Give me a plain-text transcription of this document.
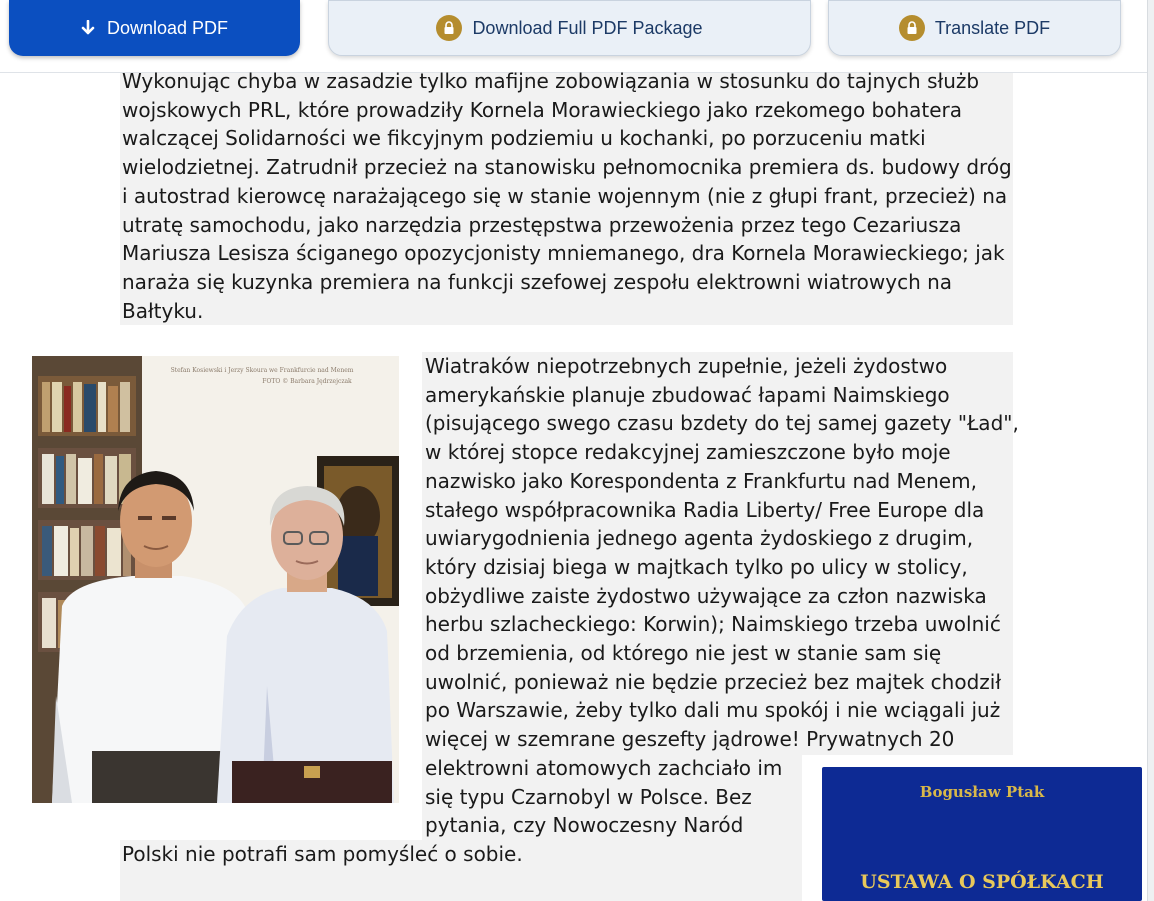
Download PDF	Download Full PDF Package	Translate PDF
Wykonując chyba w zasadzie tylko mafijne zobowiązania w stosunku do tajnych służb
wojskowych PRL, które prowadziły Kornela Morawieckiego jako rzekomego bohatera
walczącej Solidarności we fikcyjnym podziemiu u kochanki, po porzuceniu matki
wielodzietnej. Zatrudnił przecież na stanowisku pełnomocnika premiera ds. budowy dróg
i autostrad kierowcę narażającego się w stanie wojennym (nie z głupi frant, przecież) na
utratę samochodu, jako narzędzia przestępstwa przewożenia przez tego Cezariusza
Mariusza Lesisza ściganego opozycjonisty mniemanego, dra Kornela Morawieckiego; jak
naraża się kuzynka premiera na funkcji szefowej zespołu elektrowni wiatrowych na
Bałtyku.
Stefan Kosiewski i Jerzy Skoura we Frankfurcie nad Menem
FOTO © Barbara Jędrzejczak
Wiatraków niepotrzebnych zupełnie, jeżeli żydostwo
amerykańskie planuje zbudować łapami Naimskiego
(pisującego swego czasu bzdety do tej samej gazety "Ład",
w której stopce redakcyjnej zamieszczone było moje
nazwisko jako Korespondenta z Frankfurtu nad Menem,
stałego współpracownika Radia Liberty/ Free Europe dla
uwiarygodnienia jednego agenta żydoskiego z drugim,
który dzisiaj biega w majtkach tylko po ulicy w stolicy,
obżydliwe zaiste żydostwo używające za człon nazwiska
herbu szlacheckiego: Korwin); Naimskiego trzeba uwolnić
od brzemienia, od którego nie jest w stanie sam się
uwolnić, ponieważ nie będzie przecież bez majtek chodził
po Warszawie, żeby tylko dali mu spokój i nie wciągali już
więcej w szemrane geszefty jądrowe! Prywatnych 20
elektrowni atomowych zachciało im
się typu Czarnobyl w Polsce. Bez
pytania, czy Nowoczesny Naród
Polski nie potrafi sam pomyśleć o sobie.
Bogusław Ptak
USTAWA O SPÓŁKACH
